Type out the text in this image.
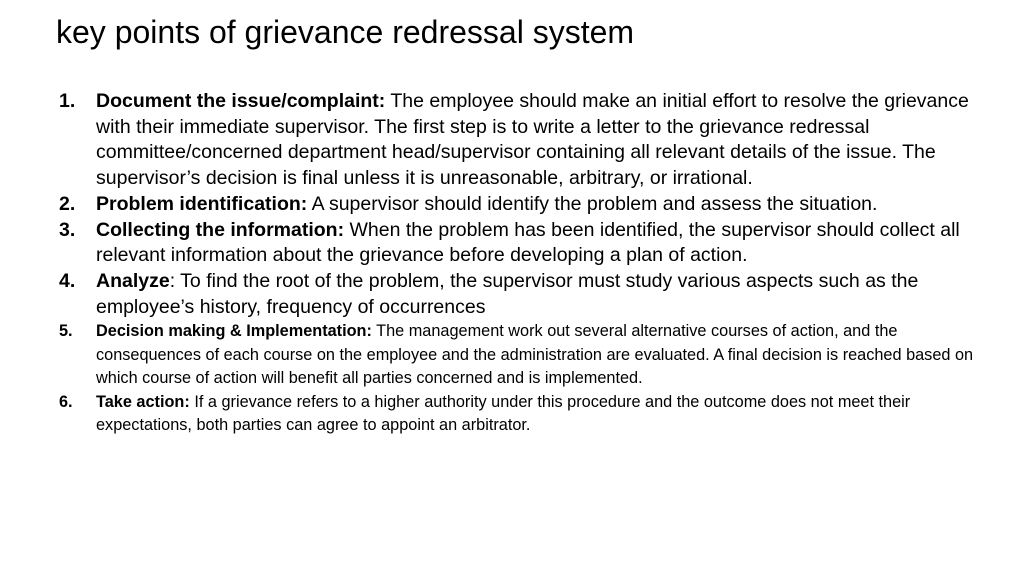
key points of grievance redressal system
1. Document the issue/complaint: The employee should make an initial effort to resolve the grievance with their immediate supervisor. The first step is to write a letter to the grievance redressal committee/concerned department head/supervisor containing all relevant details of the issue. The supervisor’s decision is final unless it is unreasonable, arbitrary, or irrational.
2. Problem identification: A supervisor should identify the problem and assess the situation.
3. Collecting the information: When the problem has been identified, the supervisor should collect all relevant information about the grievance before developing a plan of action.
4. Analyze: To find the root of the problem, the supervisor must study various aspects such as the employee’s history, frequency of occurrences
5. Decision making & Implementation: The management work out several alternative courses of action, and the consequences of each course on the employee and the administration are evaluated. A final decision is reached based on which course of action will benefit all parties concerned and is implemented.
6. Take action: If a grievance refers to a higher authority under this procedure and the outcome does not meet their expectations, both parties can agree to appoint an arbitrator.
